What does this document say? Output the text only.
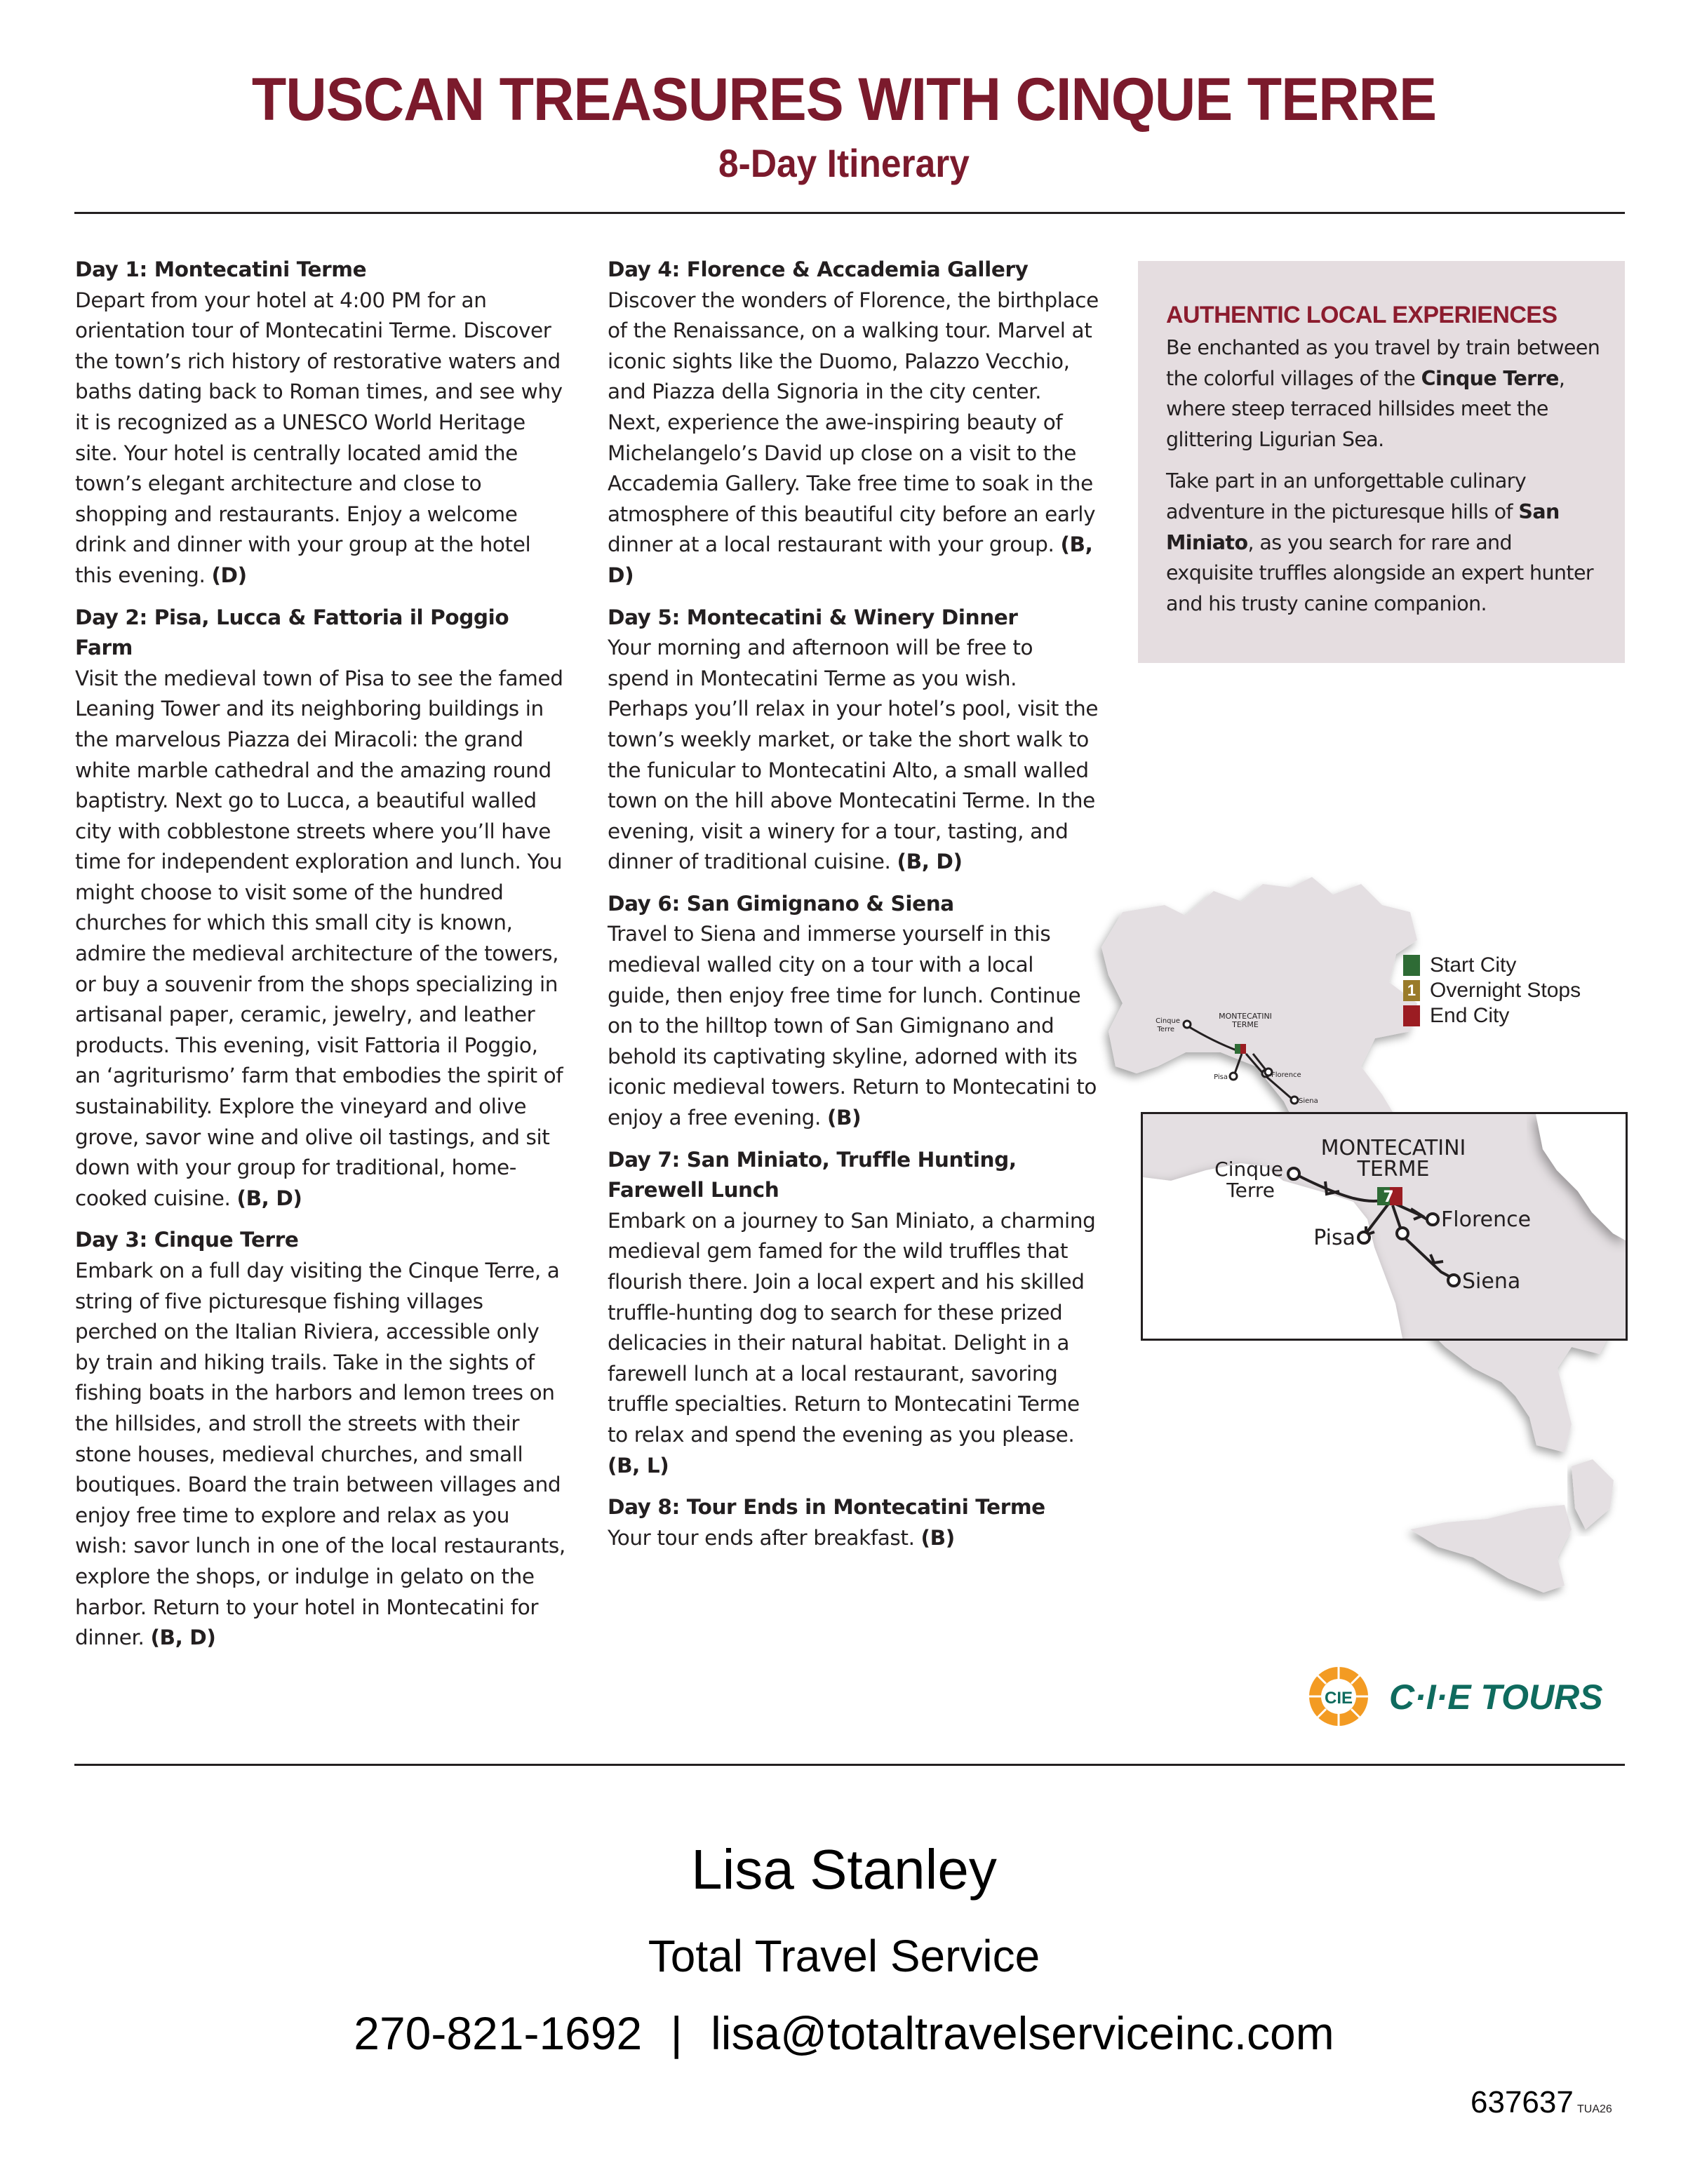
TUSCAN TREASURES WITH CINQUE TERRE
8-Day Itinerary
Day 1: Montecatini Terme
Depart from your hotel at 4:00 PM for an orientation tour of Montecatini Terme. Discover the town’s rich history of restorative waters and baths dating back to Roman times, and see why it is recognized as a UNESCO World Heritage site. Your hotel is centrally located amid the town’s elegant architecture and close to shopping and restaurants. Enjoy a welcome drink and dinner with your group at the hotel this evening. (D)
Day 2: Pisa, Lucca & Fattoria il Poggio Farm
Visit the medieval town of Pisa to see the famed Leaning Tower and its neighboring buildings in the marvelous Piazza dei Miracoli: the grand white marble cathedral and the amazing round baptistry. Next go to Lucca, a beautiful walled city with cobblestone streets where you’ll have time for independent exploration and lunch. You might choose to visit some of the hundred churches for which this small city is known, admire the medieval architecture of the towers, or buy a souvenir from the shops specializing in artisanal paper, ceramic, jewelry, and leather products. This evening, visit Fattoria il Poggio, an ‘agriturismo’ farm that embodies the spirit of sustainability. Explore the vineyard and olive grove, savor wine and olive oil tastings, and sit down with your group for traditional, home-cooked cuisine. (B, D)
Day 3: Cinque Terre
Embark on a full day visiting the Cinque Terre, a string of five picturesque fishing villages perched on the Italian Riviera, accessible only by train and hiking trails. Take in the sights of fishing boats in the harbors and lemon trees on the hillsides, and stroll the streets with their stone houses, medieval churches, and small boutiques. Board the train between villages and enjoy free time to explore and relax as you wish: savor lunch in one of the local restaurants, explore the shops, or indulge in gelato on the harbor. Return to your hotel in Montecatini for dinner. (B, D)
Day 4: Florence & Accademia Gallery
Discover the wonders of Florence, the birthplace of the Renaissance, on a walking tour. Marvel at iconic sights like the Duomo, Palazzo Vecchio, and Piazza della Signoria in the city center. Next, experience the awe-inspiring beauty of Michelangelo’s David up close on a visit to the Accademia Gallery. Take free time to soak in the atmosphere of this beautiful city before an early dinner at a local restaurant with your group. (B, D)
Day 5: Montecatini & Winery Dinner
Your morning and afternoon will be free to spend in Montecatini Terme as you wish. Perhaps you’ll relax in your hotel’s pool, visit the town’s weekly market, or take the short walk to the funicular to Montecatini Alto, a small walled town on the hill above Montecatini Terme. In the evening, visit a winery for a tour, tasting, and dinner of traditional cuisine. (B, D)
Day 6: San Gimignano & Siena
Travel to Siena and immerse yourself in this medieval walled city on a tour with a local guide, then enjoy free time for lunch. Continue on to the hilltop town of San Gimignano and behold its captivating skyline, adorned with its iconic medieval towers. Return to Montecatini to enjoy a free evening. (B)
Day 7: San Miniato, Truffle Hunting, Farewell Lunch
Embark on a journey to San Miniato, a charming medieval gem famed for the wild truffles that flourish there. Join a local expert and his skilled truffle-hunting dog to search for these prized delicacies in their natural habitat. Delight in a farewell lunch at a local restaurant, savoring truffle specialties. Return to Montecatini Terme to relax and spend the evening as you please. (B, L)
Day 8: Tour Ends in Montecatini Terme
Your tour ends after breakfast. (B)
AUTHENTIC LOCAL EXPERIENCES

Be enchanted as you travel by train between the colorful villages of the Cinque Terre, where steep terraced hillsides meet the glittering Ligurian Sea.

Take part in an unforgettable culinary adventure in the picturesque hills of San Miniato, as you search for rare and exquisite truffles alongside an expert hunter and his trusty canine companion.

MONTECATINI
TERME
Cinque
Terre
Florence
Pisa
Siena
Start City
1 Overnight Stops
End City
7
MONTECATINI
TERME
Cinque
Terre
Florence
Pisa
Siena
CIE C·I·E TOURS
Lisa Stanley
Total Travel Service
270-821-1692 | lisa@totaltravelserviceinc.com
637637 TUA26
